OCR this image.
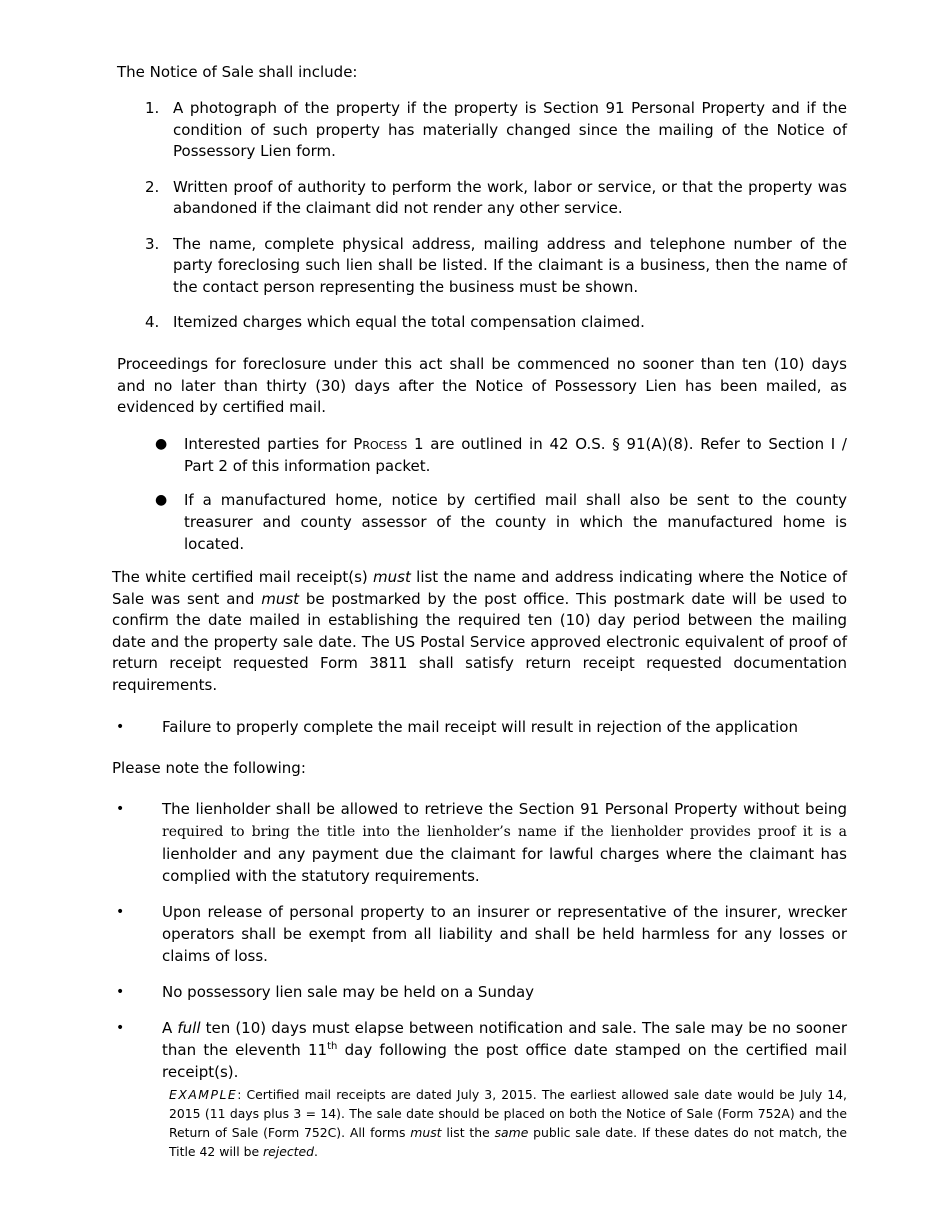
The Notice of Sale shall include:
1. A photograph of the property if the property is Section 91 Personal Property and if the condition of such property has materially changed since the mailing of the Notice of Possessory Lien form.
2. Written proof of authority to perform the work, labor or service, or that the property was abandoned if the claimant did not render any other service.
3. The name, complete physical address, mailing address and telephone number of the party foreclosing such lien shall be listed. If the claimant is a business, then the name of the contact person representing the business must be shown.
4. Itemized charges which equal the total compensation claimed.
Proceedings for foreclosure under this act shall be commenced no sooner than ten (10) days and no later than thirty (30) days after the Notice of Possessory Lien has been mailed, as evidenced by certified mail.
●	Interested parties for Process 1 are outlined in 42 O.S. § 91(A)(8). Refer to Section I / Part 2 of this information packet.
●	If a manufactured home, notice by certified mail shall also be sent to the county treasurer and county assessor of the county in which the manufactured home is located.
The white certified mail receipt(s) must list the name and address indicating where the Notice of Sale was sent and must be postmarked by the post office. This postmark date will be used to confirm the date mailed in establishing the required ten (10) day period between the mailing date and the property sale date. The US Postal Service approved electronic equivalent of proof of return receipt requested Form 3811 shall satisfy return receipt requested documentation requirements.
•	Failure to properly complete the mail receipt will result in rejection of the application
Please note the following:
•	The lienholder shall be allowed to retrieve the Section 91 Personal Property without being required to bring the title into the lienholder’s name if the lienholder provides proof it is a lienholder and any payment due the claimant for lawful charges where the claimant has complied with the statutory requirements.
•	Upon release of personal property to an insurer or representative of the insurer, wrecker operators shall be exempt from all liability and shall be held harmless for any losses or claims of loss.
•	No possessory lien sale may be held on a Sunday
•	A full ten (10) days must elapse between notification and sale. The sale may be no sooner than the eleventh 11th day following the post office date stamped on the certified mail receipt(s).
EXAMPLE: Certified mail receipts are dated July 3, 2015. The earliest allowed sale date would be July 14, 2015 (11 days plus 3 = 14). The sale date should be placed on both the Notice of Sale (Form 752A) and the Return of Sale (Form 752C). All forms must list the same public sale date. If these dates do not match, the Title 42 will be rejected.
